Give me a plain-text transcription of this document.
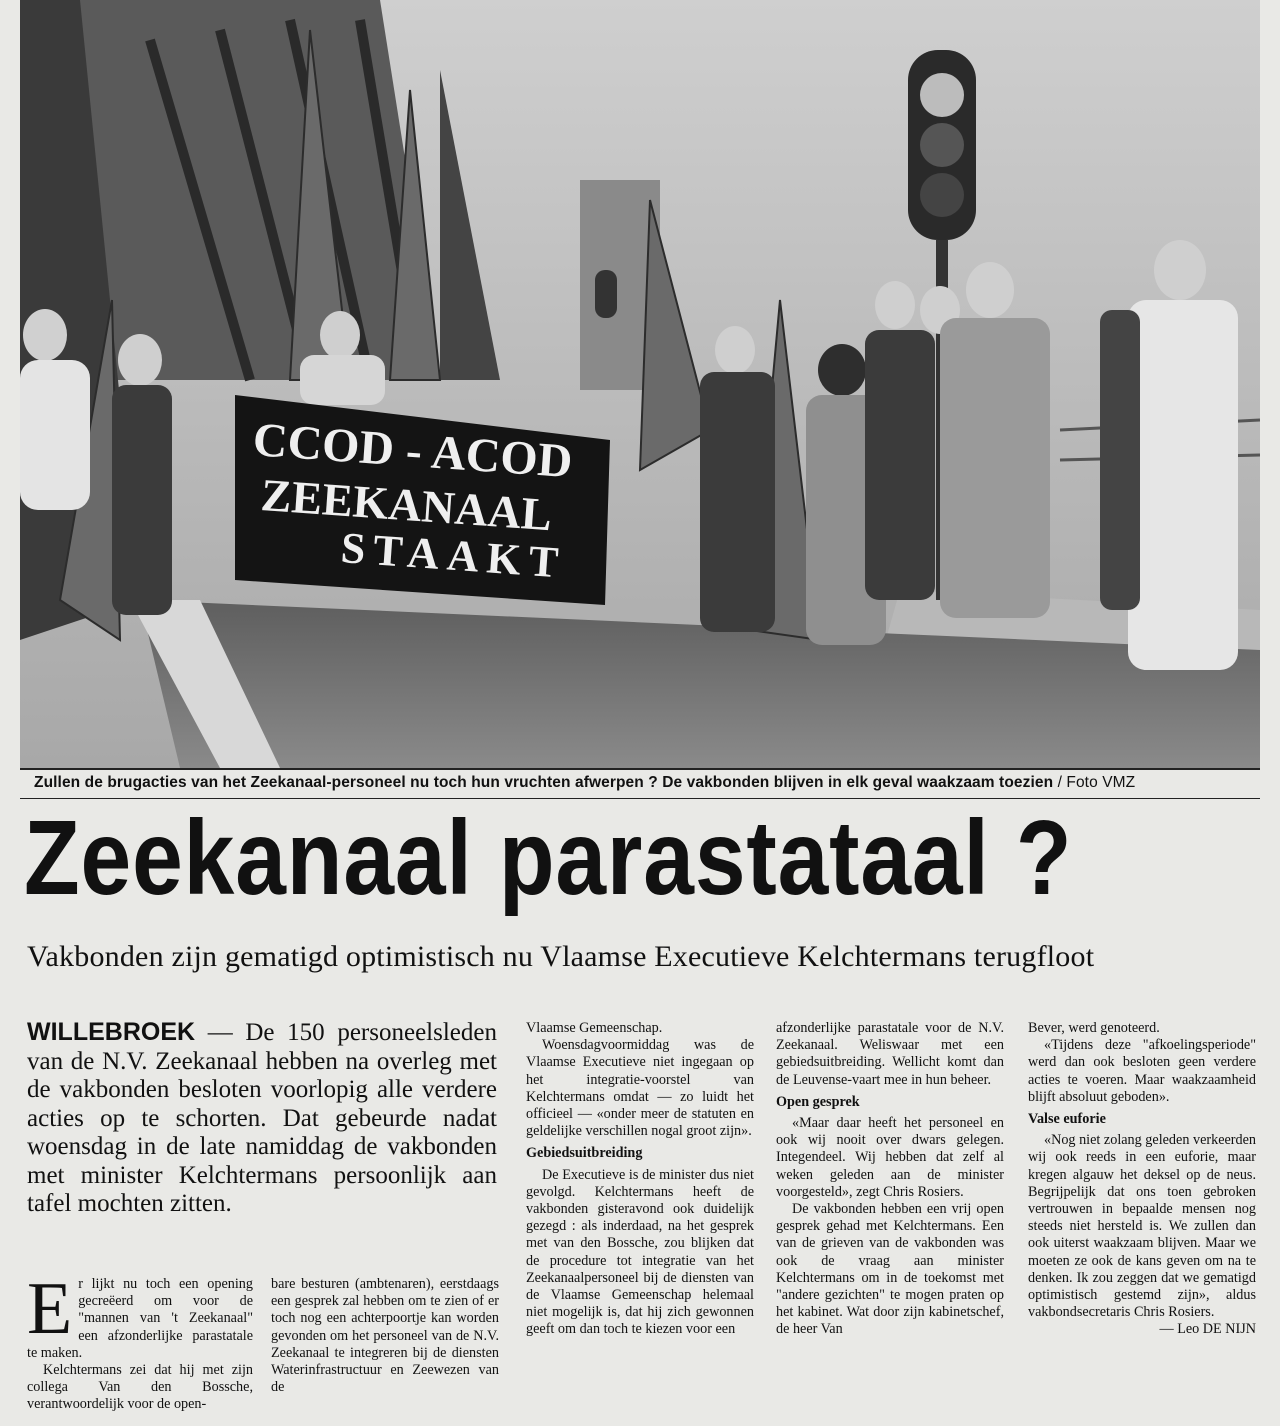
CCOD - ACOD
ZEEKANAAL
STAAKT
Zullen de brugacties van het Zeekanaal-personeel nu toch hun vruchten afwerpen ? De vakbonden blijven in elk geval waakzaam toezien / Foto VMZ
Zeekanaal parastataal ?
Vakbonden zijn gematigd optimistisch nu Vlaamse Executieve Kelchtermans terugfloot
WILLEBROEK — De 150 personeelsleden van de N.V. Zeekanaal hebben na overleg met de vakbonden besloten voorlopig alle verdere acties op te schorten. Dat gebeurde nadat woensdag in de late namiddag de vakbonden met minister Kelchtermans persoonlijk aan tafel mochten zitten.
E r lijkt nu toch een opening gecreëerd om voor de "mannen van 't Zeekanaal" een afzonderlijke parastatale te maken.

Kelchtermans zei dat hij met zijn collega Van den Bossche, verantwoordelijk voor de open-

bare besturen (ambtenaren), eerstdaags een gesprek zal hebben om te zien of er toch nog een achterpoortje kan worden gevonden om het personeel van de N.V. Zeekanaal te integreren bij de diensten Waterinfrastructuur en Zeewezen van de

Vlaamse Gemeenschap.

Woensdagvoormiddag was de Vlaamse Executieve niet ingegaan op het integratie-voorstel van Kelchtermans omdat — zo luidt het officieel — «onder meer de statuten en geldelijke verschillen nogal groot zijn».

Gebiedsuitbreiding

De Executieve is de minister dus niet gevolgd. Kelchtermans heeft de vakbonden gisteravond ook duidelijk gezegd : als inderdaad, na het gesprek met van den Bossche, zou blijken dat de procedure tot integratie van het Zeekanaalpersoneel bij de diensten van de Vlaamse Gemeenschap helemaal niet mogelijk is, dat hij zich gewonnen geeft om dan toch te kiezen voor een

afzonderlijke parastatale voor de N.V. Zeekanaal. Weliswaar met een gebiedsuitbreiding. Wellicht komt dan de Leuvense-vaart mee in hun beheer.

Open gesprek

«Maar daar heeft het personeel en ook wij nooit over dwars gelegen. Integendeel. Wij hebben dat zelf al weken geleden aan de minister voorgesteld», zegt Chris Rosiers.

De vakbonden hebben een vrij open gesprek gehad met Kelchtermans. Een van de grieven van de vakbonden was ook de vraag aan minister Kelchtermans om in de toekomst met "andere gezichten" te mogen praten op het kabinet. Wat door zijn kabinetschef, de heer Van

Bever, werd genoteerd.

«Tijdens deze "afkoelingsperiode" werd dan ook besloten geen verdere acties te voeren. Maar waakzaamheid blijft absoluut geboden».

Valse euforie

«Nog niet zolang geleden verkeerden wij ook reeds in een euforie, maar kregen algauw het deksel op de neus. Begrijpelijk dat ons toen gebroken vertrouwen in bepaalde mensen nog steeds niet hersteld is. We zullen dan ook uiterst waakzaam blijven. Maar we moeten ze ook de kans geven om na te denken. Ik zou zeggen dat we gematigd optimistisch gestemd zijn», aldus vakbondsecretaris Chris Rosiers.

— Leo DE NIJN
